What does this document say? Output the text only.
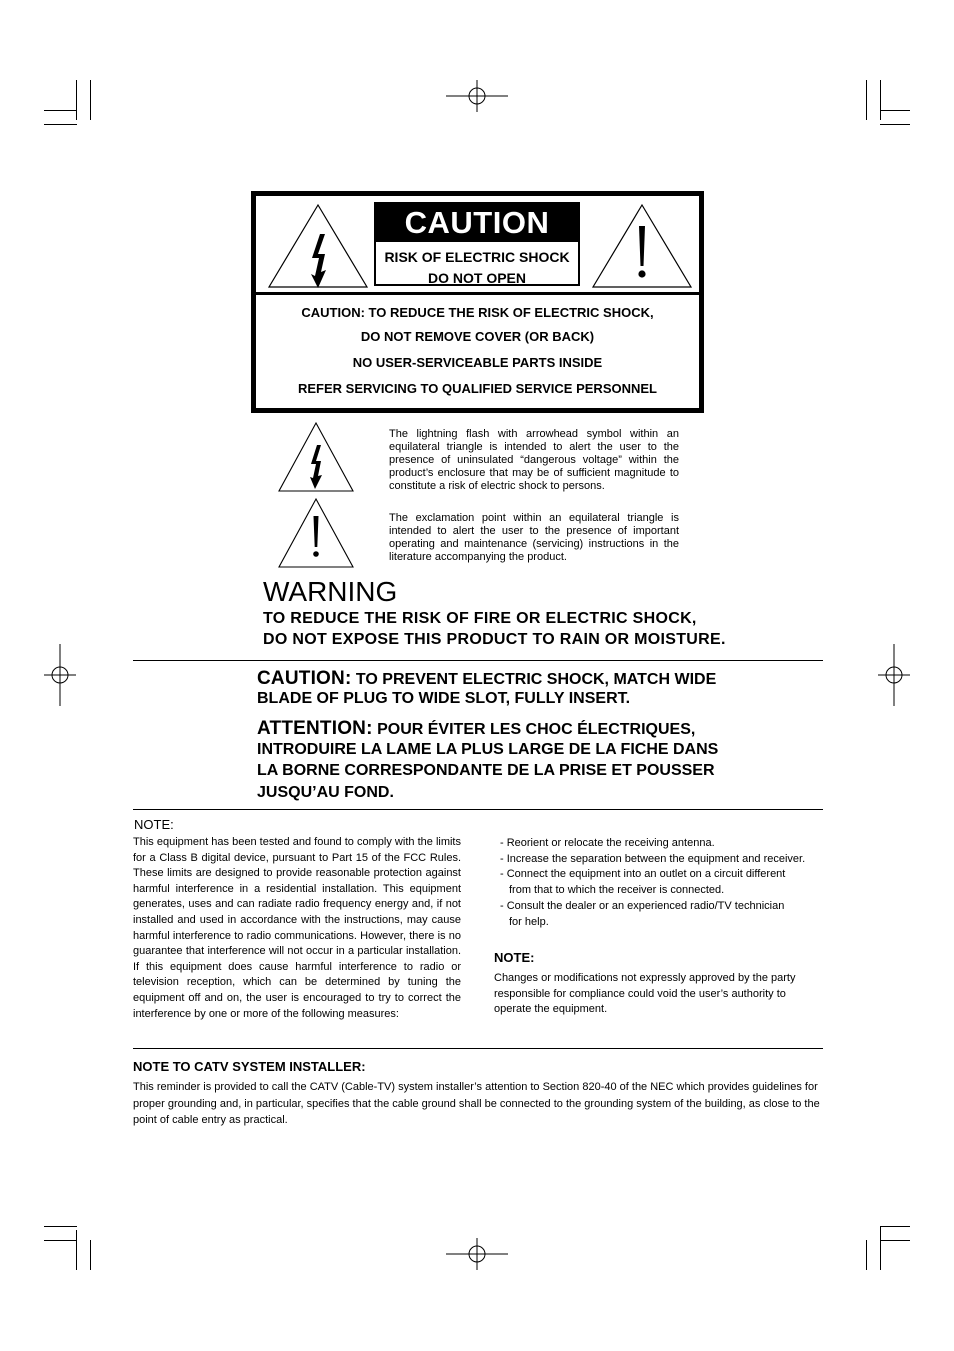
CAUTION
RISK OF ELECTRIC SHOCK
DO NOT OPEN
CAUTION: TO REDUCE THE RISK OF ELECTRIC SHOCK,
DO NOT REMOVE COVER (OR BACK)
NO USER-SERVICEABLE PARTS INSIDE
REFER SERVICING TO QUALIFIED SERVICE PERSONNEL
The lightning flash with arrowhead symbol within an equilateral triangle is intended to alert the user to the presence of uninsulated “dangerous voltage” within the product’s enclosure that may be of sufficient magnitude to constitute a risk of electric shock to persons.
The exclamation point within an equilateral triangle is intended to alert the user to the presence of important operating and maintenance (servicing) instructions in the literature accompanying the product.
WARNING
TO REDUCE THE RISK OF FIRE OR ELECTRIC SHOCK,
DO NOT EXPOSE THIS PRODUCT TO RAIN OR MOISTURE.
CAUTION: TO PREVENT ELECTRIC SHOCK, MATCH WIDE
BLADE OF PLUG TO WIDE SLOT, FULLY INSERT.
ATTENTION: POUR ÉVITER LES CHOC ÉLECTRIQUES,
INTRODUIRE LA LAME LA PLUS LARGE DE LA FICHE DANS
LA BORNE CORRESPONDANTE DE LA PRISE ET POUSSER
JUSQU’AU FOND.
NOTE:
This equipment has been tested and found to comply with the limits for a Class B digital device, pursuant to Part 15 of the FCC Rules. These limits are designed to provide reasonable protection against harmful interference in a residential installation. This equipment generates, uses and can radiate radio frequency energy and, if not installed and used in accordance with the instructions, may cause harmful interference to radio communications. However, there is no guarantee that interference will not occur in a particular installation. If this equipment does cause harmful interference to radio or television reception, which can be determined by tuning the equipment off and on, the user is encouraged to try to correct the interference by one or more of the following measures:
- Reorient or relocate the receiving antenna.
- Increase the separation between the equipment and receiver.
- Connect the equipment into an outlet on a circuit different
from that to which the receiver is connected.
- Consult the dealer or an experienced radio/TV technician
for help.
NOTE:
Changes or modifications not expressly approved by the party responsible for compliance could void the user’s authority to operate the equipment.
NOTE TO CATV SYSTEM INSTALLER:
This reminder is provided to call the CATV (Cable-TV) system installer’s attention to Section 820-40 of the NEC which provides guidelines for proper grounding and, in particular, specifies that the cable ground shall be connected to the grounding system of the building, as close to the point of cable entry as practical.
